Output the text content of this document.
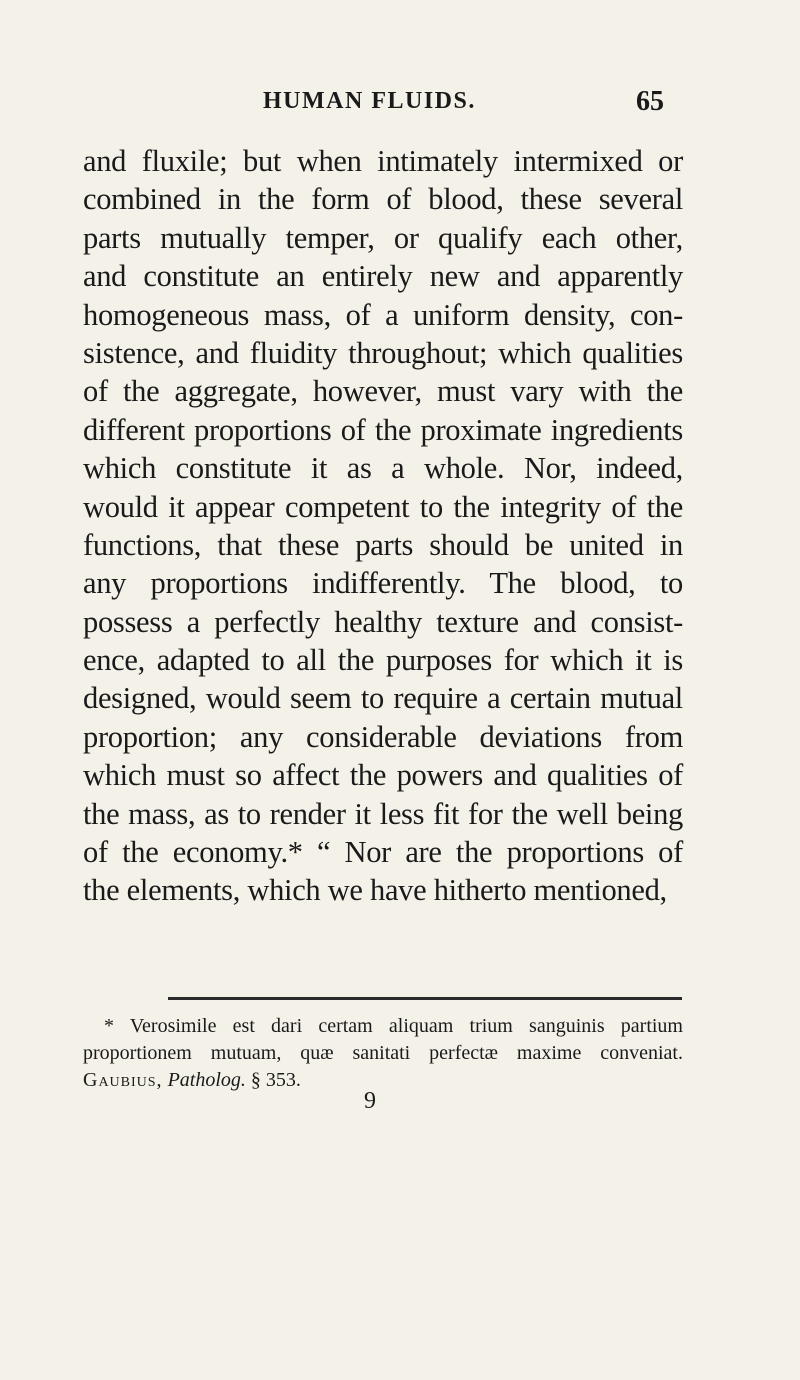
HUMAN FLUIDS.	65
and fluxile; but when intimately intermixed or
combined in the form of blood, these several
parts mutually temper, or qualify each other,
and constitute an entirely new and apparently
homogeneous mass, of a uniform density, con-
sistence, and fluidity throughout; which qualities
of the aggregate, however, must vary with the
different proportions of the proximate ingredients
which constitute it as a whole. Nor, indeed,
would it appear competent to the integrity of the
functions, that these parts should be united in
any proportions indifferently. The blood, to
possess a perfectly healthy texture and consist-
ence, adapted to all the purposes for which it is
designed, would seem to require a certain mutual
proportion; any considerable deviations from
which must so affect the powers and qualities of
the mass, as to render it less fit for the well being
of the economy.* “ Nor are the proportions of
the elements, which we have hitherto mentioned,
* Verosimile est dari certam aliquam trium sanguinis partium
proportionem mutuam, quæ sanitati perfectæ maxime conveniat.
Gaubius, Patholog. § 353.
9
